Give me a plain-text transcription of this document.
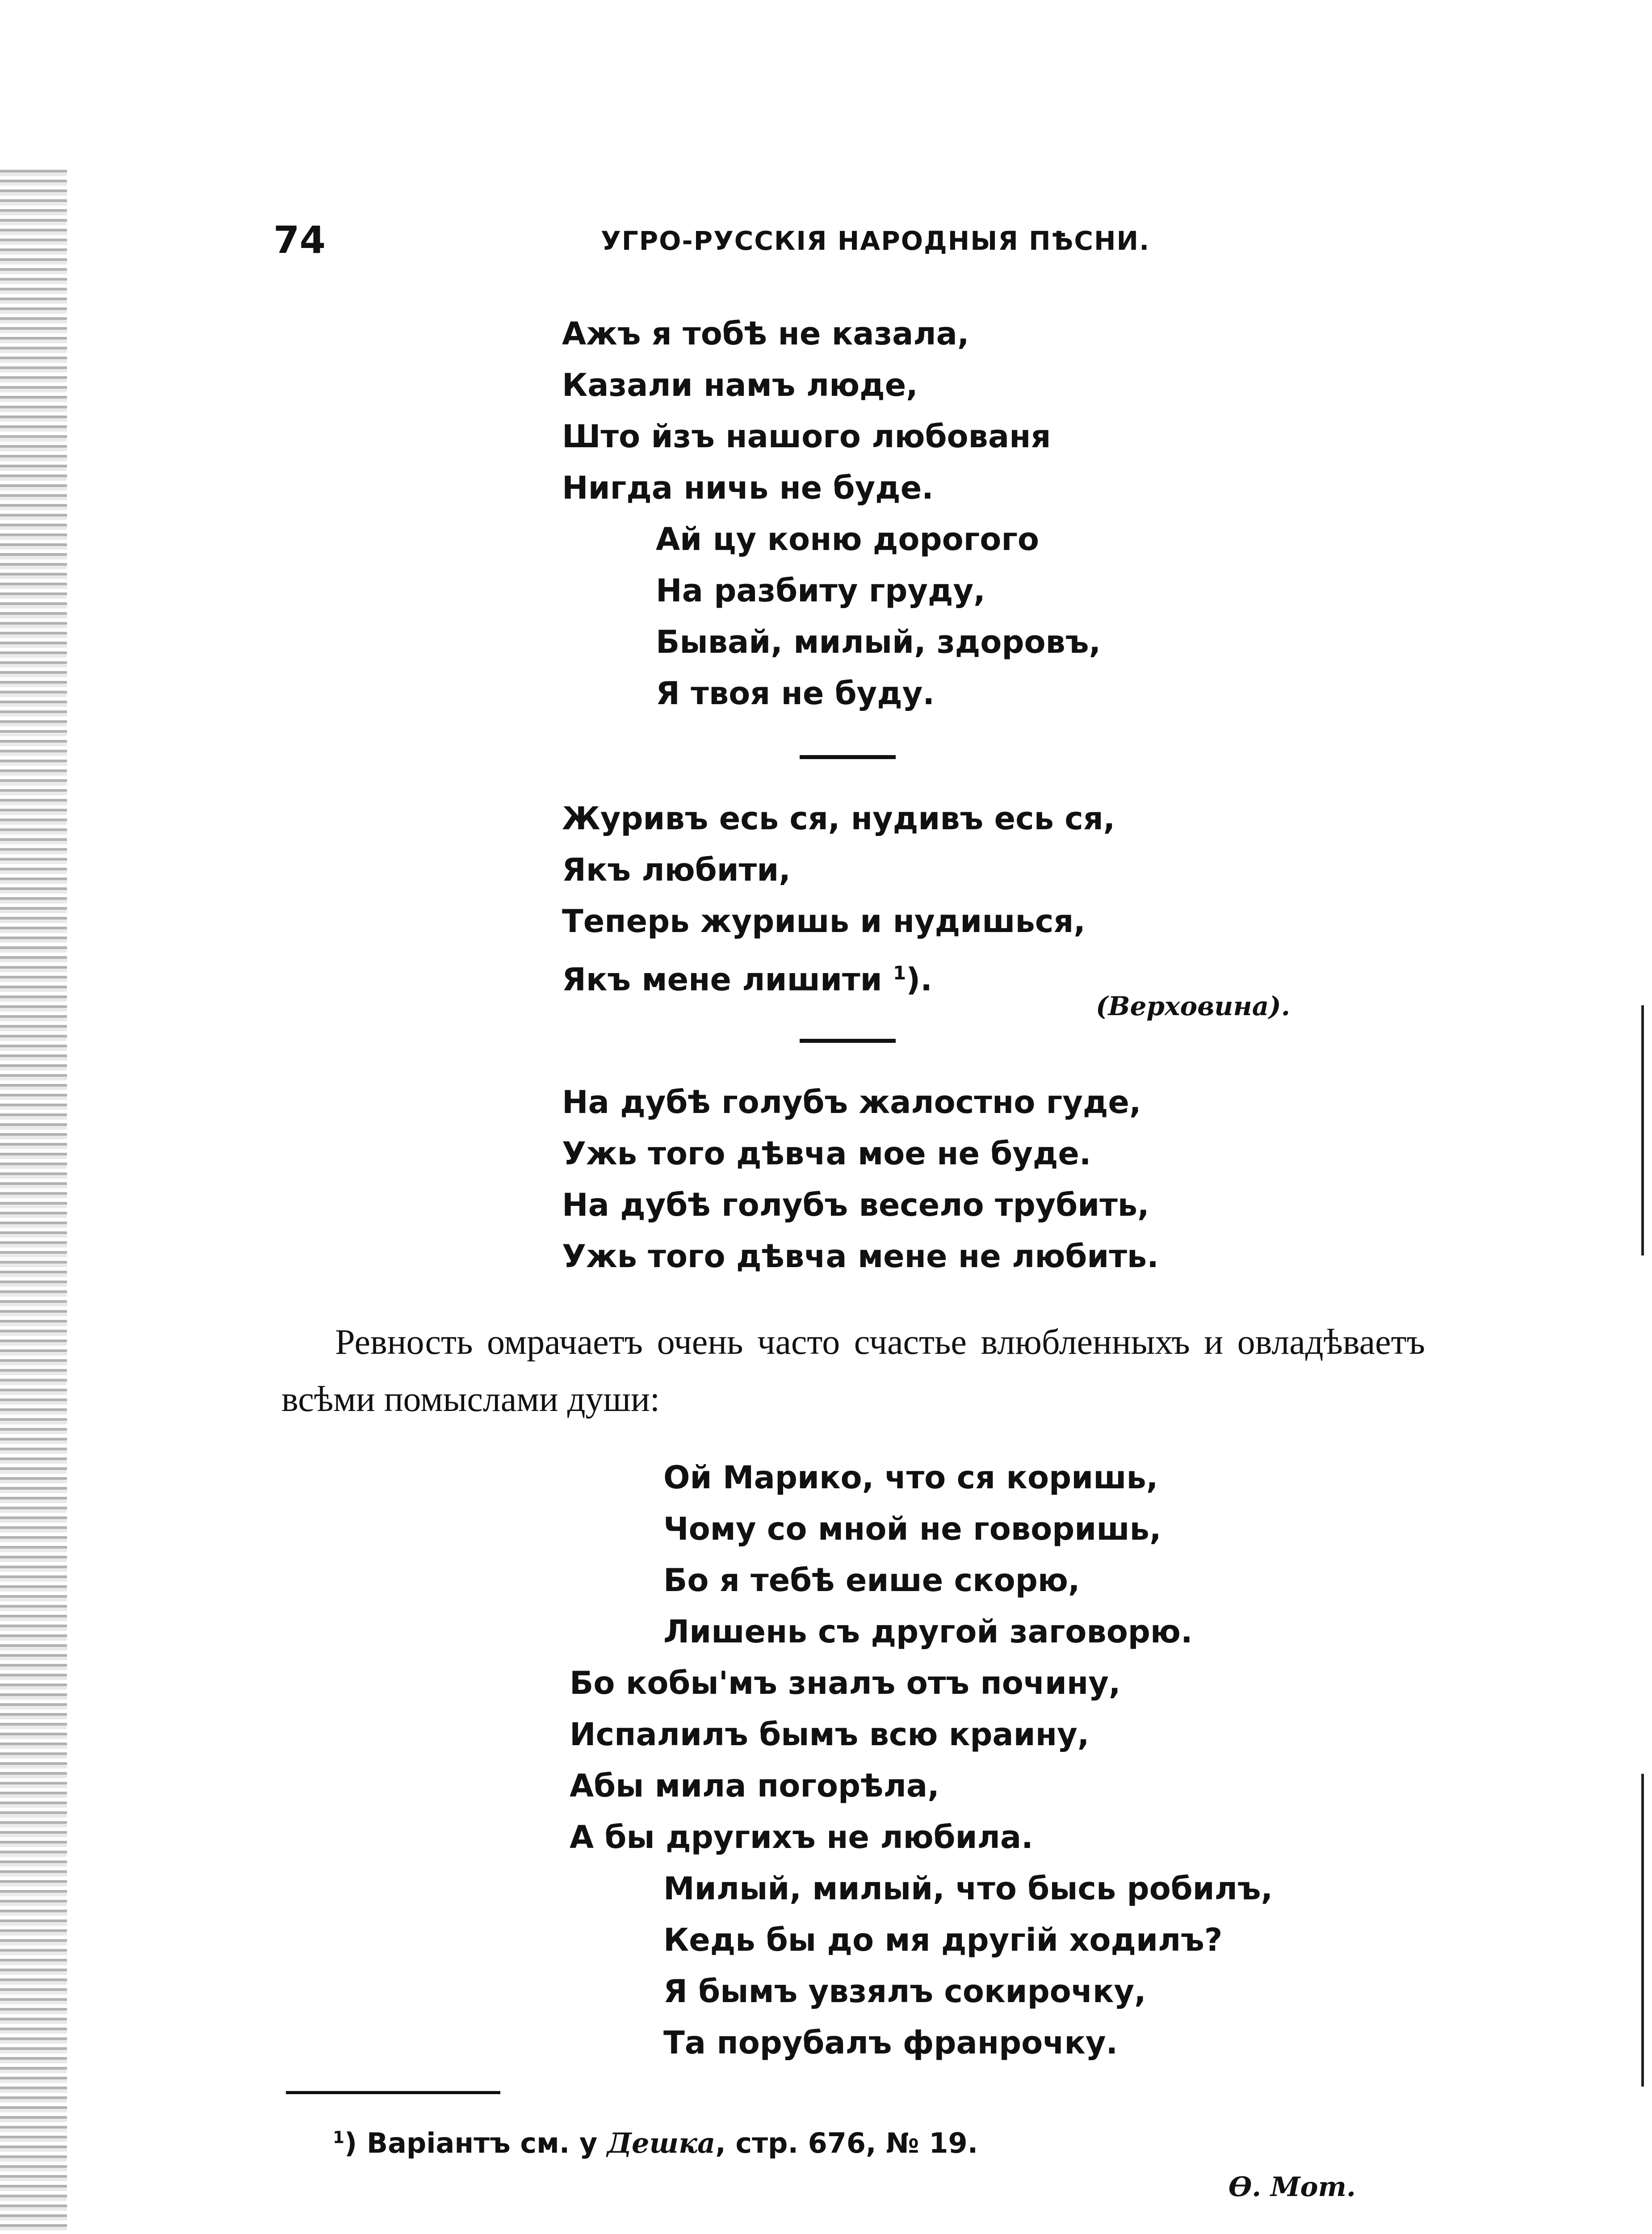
74	УГРО-РУССКІЯ НАРОДНЫЯ ПѢСНИ.
Ажъ я тобѣ не казала,
Казали намъ люде,
Што йзъ нашого любованя
Нигда ничь не буде.
Ай цу коню дорогого
На разбиту груду,
Бывай, милый, здоровъ,
Я твоя не буду.
Журивъ есь ся, нудивъ есь ся,
Якъ любити,
Теперь журишь и нудишься,
Якъ мене лишити $^1$).
(Верховина).
На дубѣ голубъ жалостно гуде,
Ужь того дѣвча мое не буде.
На дубѣ голубъ весело трубить,
Ужь того дѣвча мене не любить.

Ревность омрачаетъ очень часто счастье влюбленныхъ и овладѣваетъ всѣми помыслами души:

Ой Марико, что ся коришь,
Чому со мной не говоришь,
Бо я тебѣ еише скорю,
Лишень съ другой заговорю.
Бо кобы'мъ зналъ отъ почину,
Испалилъ бымъ всю краину,
Абы мила погорѣла,
А бы другихъ не любила.
Милый, милый, что бысь робилъ,
Кедь бы до мя другій ходилъ?
Я бымъ увзялъ сокирочку,
Та порубалъ франрочку.
$^1$) Варіантъ см. у Дешка, стр. 676, № 19.
Ѳ. Мот.
